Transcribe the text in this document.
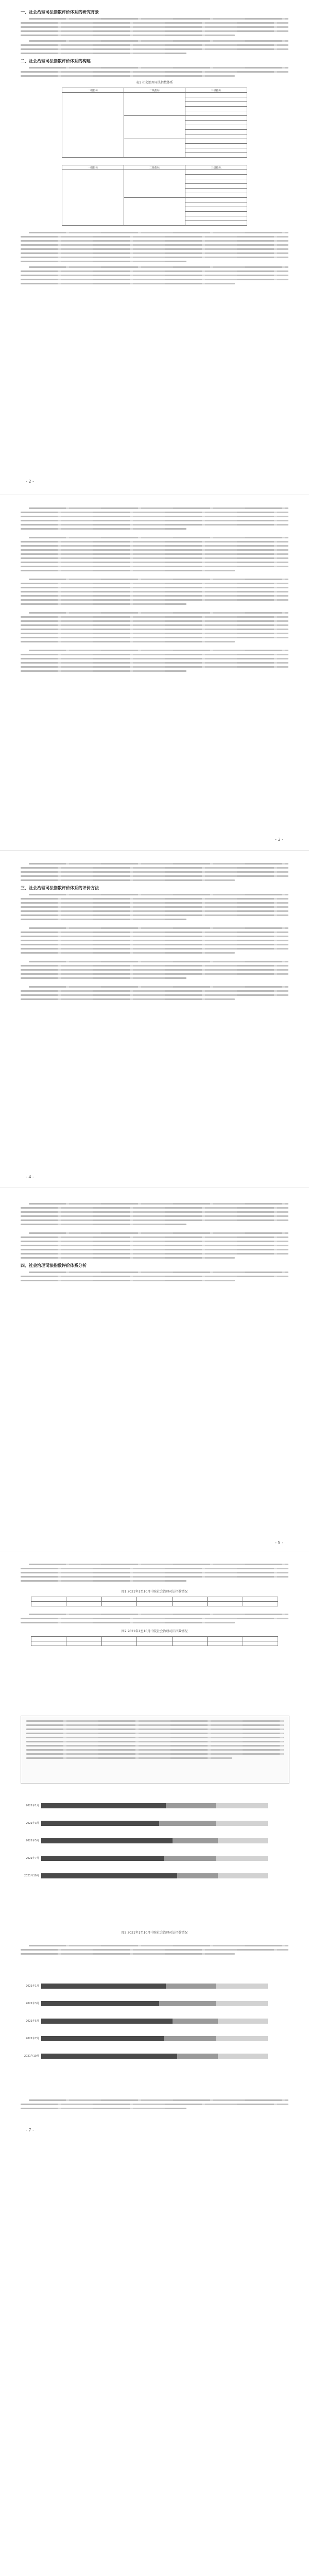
一、社会治理司法指数评价体系的研究背景
二、社会治理司法指数评价体系的构建
表1 社会治理司法指数体系
一级指标	二级指标	三级指标

一级指标	二级指标	三级指标

- 2 -
- 3 -
三、社会治理司法指数评价体系的评价方法
- 4 -
四、社会治理司法指数评价体系分析
- 5 -
图1 2021年1至10月中院社会治理司法指数情况

图2 2021年1至10月中院社会治理司法指数情况

2021年1月
2021年3月
2021年5月
2021年7月
2021年10月
图3 2021年1至10月中院社会治理司法指数情况
2021年1月
2021年3月
2021年5月
2021年7月
2021年10月
- 7 -
